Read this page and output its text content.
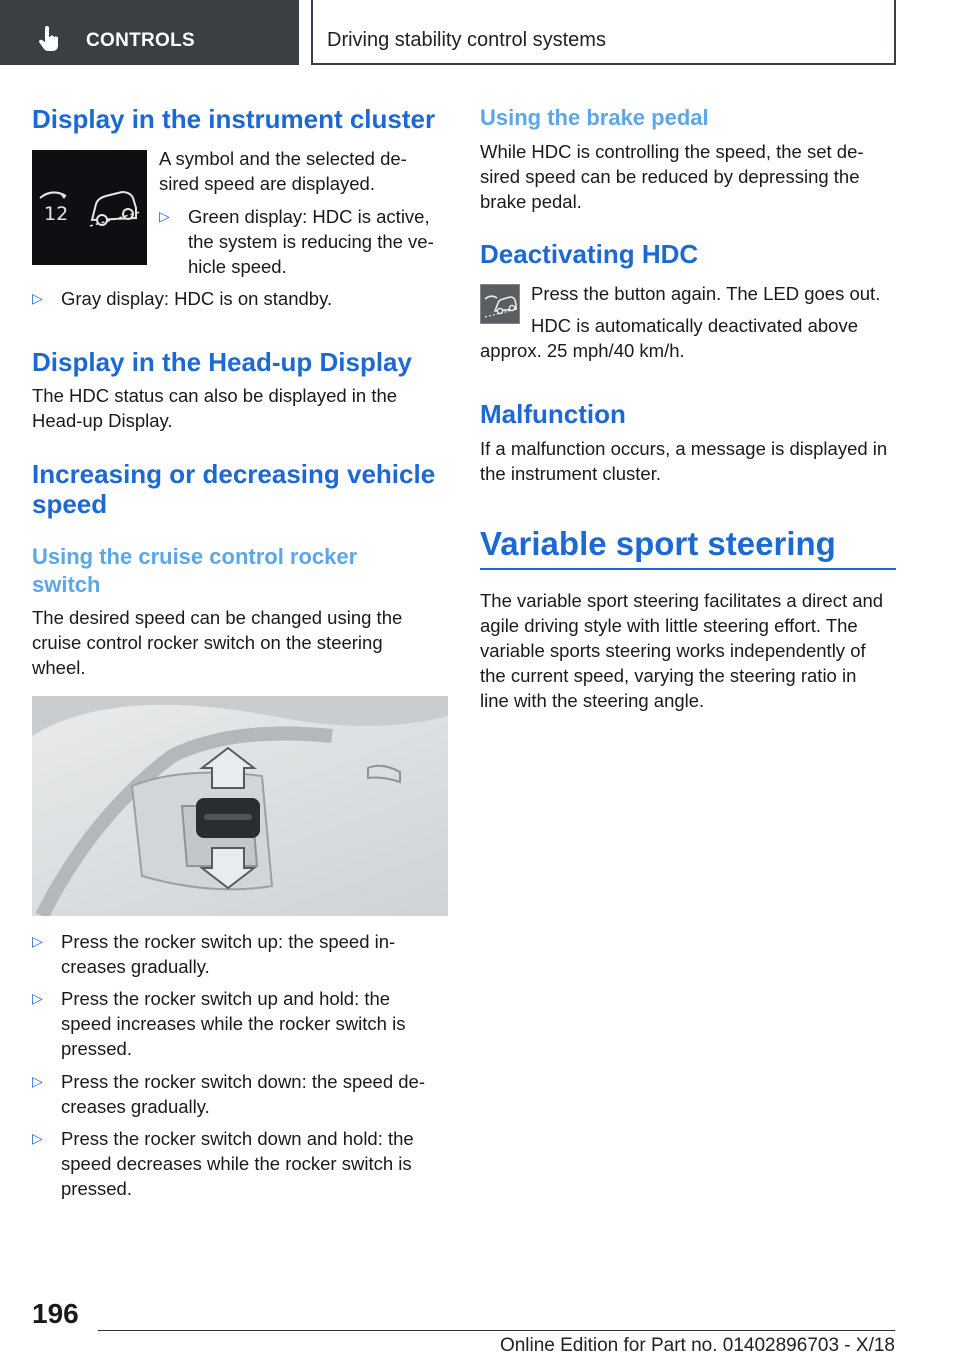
CONTROLS	Driving stability control systems
Display in the instrument cluster
12
A symbol and the selected de-
sired speed are displayed.
▷ Green display: HDC is active,
the system is reducing the ve-
hicle speed.
▷ Gray display: HDC is on standby.
Display in the Head-up Display
The HDC status can also be displayed in the
Head-up Display.
Increasing or decreasing vehicle
speed
Using the cruise control rocker
switch
The desired speed can be changed using the
cruise control rocker switch on the steering
wheel.
▷ Press the rocker switch up: the speed in-
creases gradually.
▷ Press the rocker switch up and hold: the
speed increases while the rocker switch is
pressed.
▷ Press the rocker switch down: the speed de-
creases gradually.
▷ Press the rocker switch down and hold: the
speed decreases while the rocker switch is
pressed.
Using the brake pedal
While HDC is controlling the speed, the set de-
sired speed can be reduced by depressing the
brake pedal.
Deactivating HDC
Press the button again. The LED goes out.
HDC is automatically deactivated above
approx. 25 mph/40 km/h.
Malfunction
If a malfunction occurs, a message is displayed in
the instrument cluster.
Variable sport steering
The variable sport steering facilitates a direct and
agile driving style with little steering effort. The
variable sports steering works independently of
the current speed, varying the steering ratio in
line with the steering angle.
196
Online Edition for Part no. 01402896703 - X/18
